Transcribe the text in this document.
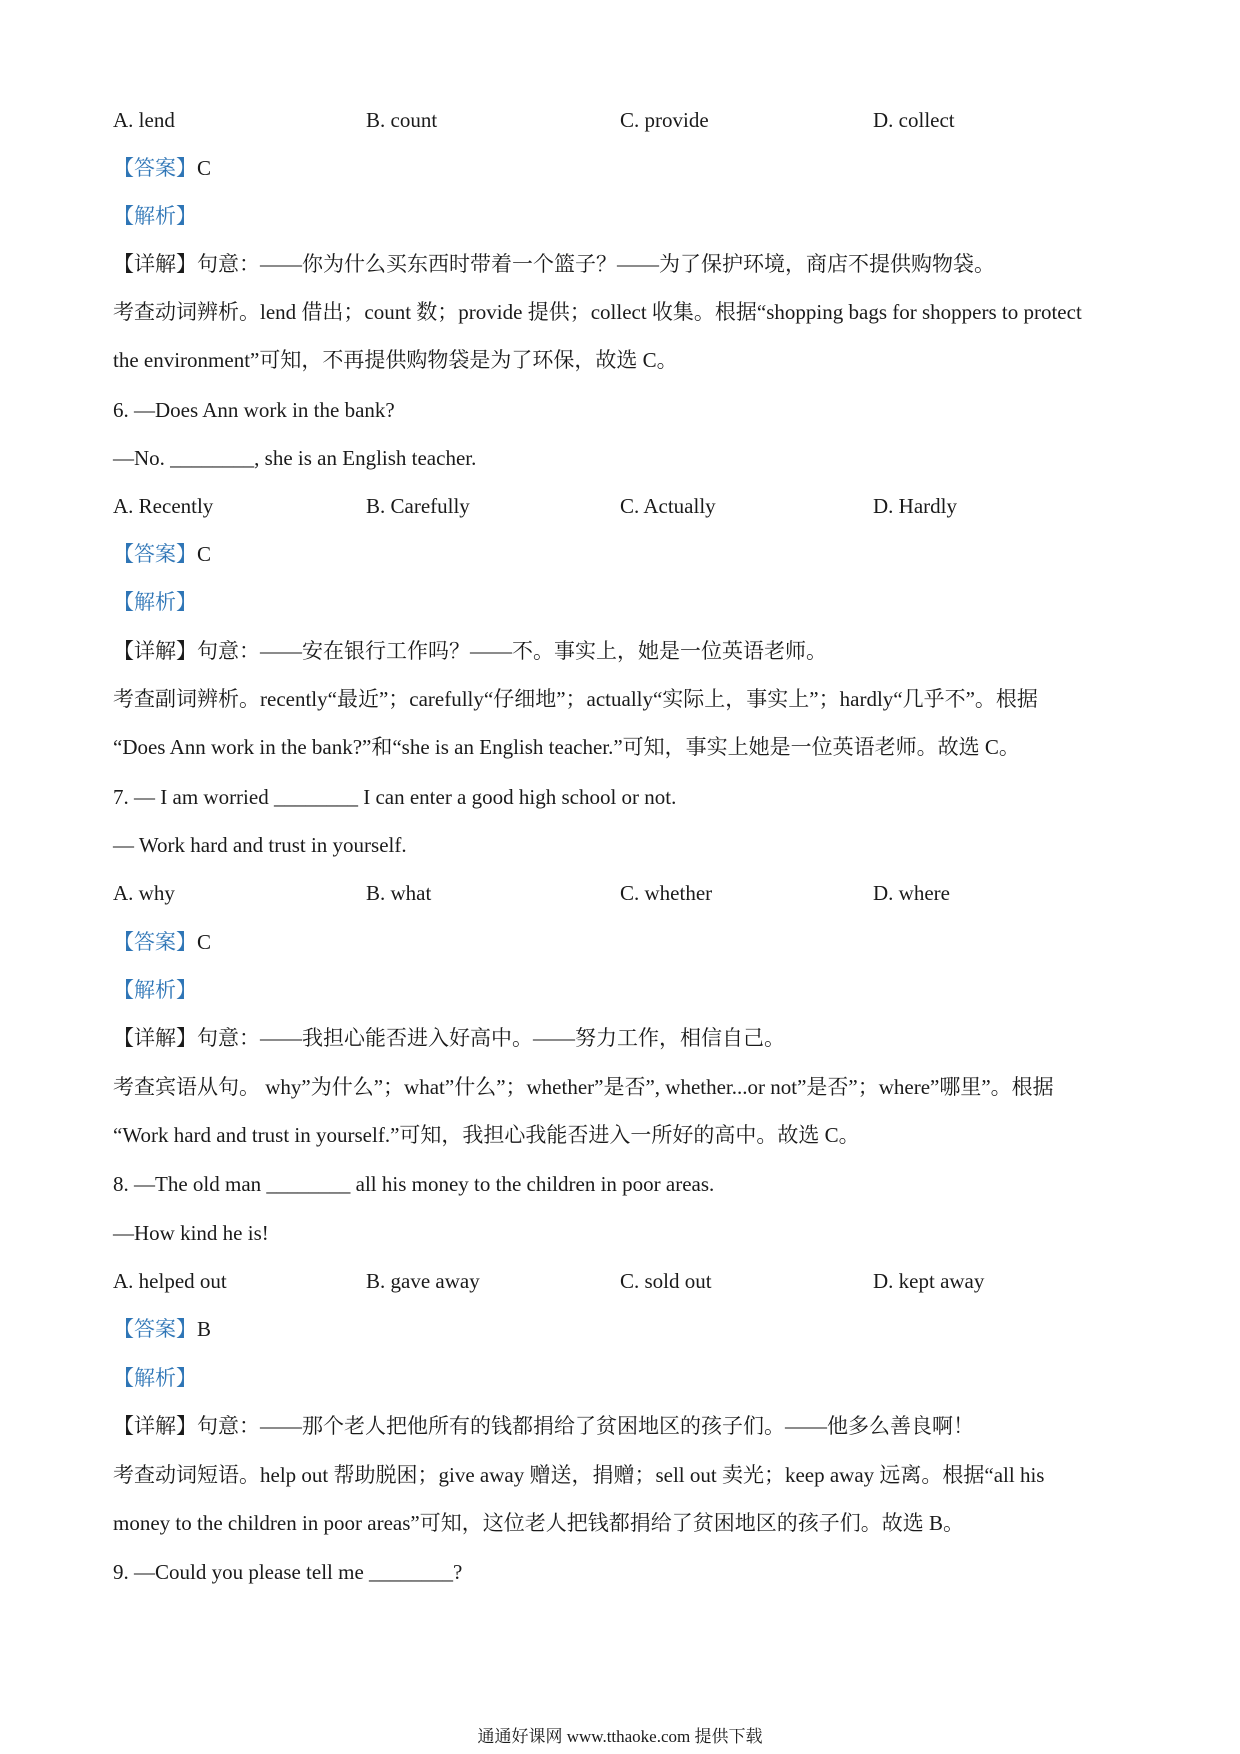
A. lend	B. count	C. provide	D. collect
【答案】C
【解析】
【详解】句意：——你为什么买东西时带着一个篮子？——为了保护环境，商店不提供购物袋。
考查动词辨析。lend 借出；count 数；provide 提供；collect 收集。根据“shopping bags for shoppers to protect
the environment”可知，不再提供购物袋是为了环保，故选 C。
6. —Does Ann work in the bank?
—No. ________, she is an English teacher.
A. Recently	B. Carefully	C. Actually	D. Hardly
【答案】C
【解析】
【详解】句意：——安在银行工作吗？——不。事实上，她是一位英语老师。
考查副词辨析。recently“最近”；carefully“仔细地”；actually“实际上，事实上”；hardly“几乎不”。根据
“Does Ann work in the bank?”和“she is an English teacher.”可知，事实上她是一位英语老师。故选 C。
7. — I am worried ________ I can enter a good high school or not.
— Work hard and trust in yourself.
A. why	B. what	C. whether	D. where
【答案】C
【解析】
【详解】句意：——我担心能否进入好高中。——努力工作，相信自己。
考查宾语从句。 why”为什么”；what”什么”；whether”是否”, whether...or not”是否”；where”哪里”。根据
“Work hard and trust in yourself.”可知，我担心我能否进入一所好的高中。故选 C。
8. —The old man ________ all his money to the children in poor areas.
—How kind he is!
A. helped out	B. gave away	C. sold out	D. kept away
【答案】B
【解析】
【详解】句意：——那个老人把他所有的钱都捐给了贫困地区的孩子们。——他多么善良啊！
考查动词短语。help out 帮助脱困；give away 赠送，捐赠；sell out 卖光；keep away 远离。根据“all his
money to the children in poor areas”可知，这位老人把钱都捐给了贫困地区的孩子们。故选 B。
9. —Could you please tell me ________?
通通好课网 www.tthaoke.com 提供下载
